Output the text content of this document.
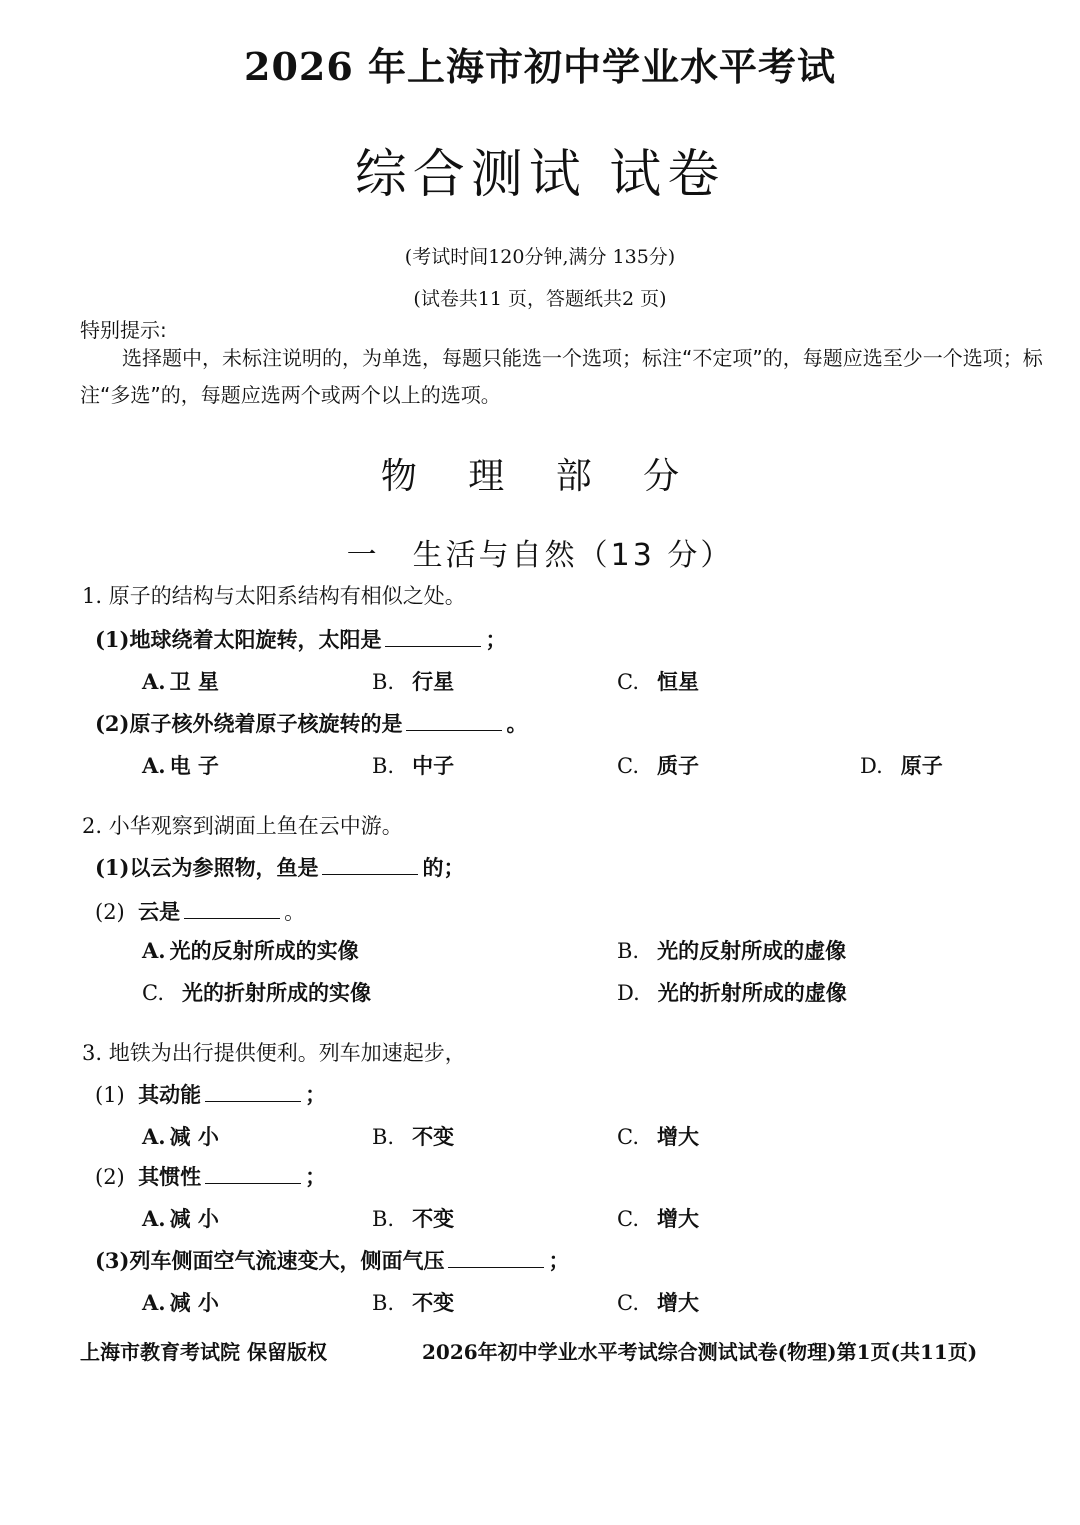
2026 年上海市初中学业水平考试
综合测试 试卷
(考试时间120分钟,满分 135分)
(试卷共11 页，答题纸共2 页)
特别提示:
选择题中，未标注说明的，为单选，每题只能选一个选项；标注“不定项”的，每题应选至少一个选项；标注“多选”的，每题应选两个或两个以上的选项。
物 理 部 分
一　生活与自然（13 分）
1. 原子的结构与太阳系结构有相似之处。
(1)地球绕着太阳旋转，太阳是	；
A. 卫 星	B. 行星	C. 恒星
(2)原子核外绕着原子核旋转的是	。
A. 电 子	B. 中子	C. 质子	D. 原子
2. 小华观察到湖面上鱼在云中游。
(1)以云为参照物，鱼是	的；
(2) 云是	。
A. 光的反射所成的实像	B. 光的反射所成的虚像
C. 光的折射所成的实像	D. 光的折射所成的虚像
3. 地铁为出行提供便利。列车加速起步，
(1) 其动能	；
A. 减 小	B. 不变	C. 增大
(2) 其惯性	；
A. 减 小	B. 不变	C. 增大
(3)列车侧面空气流速变大，侧面气压	；
A. 减 小	B. 不变	C. 增大
上海市教育考试院 保留版权	2026年初中学业水平考试综合测试试卷(物理)第1页(共11页)
